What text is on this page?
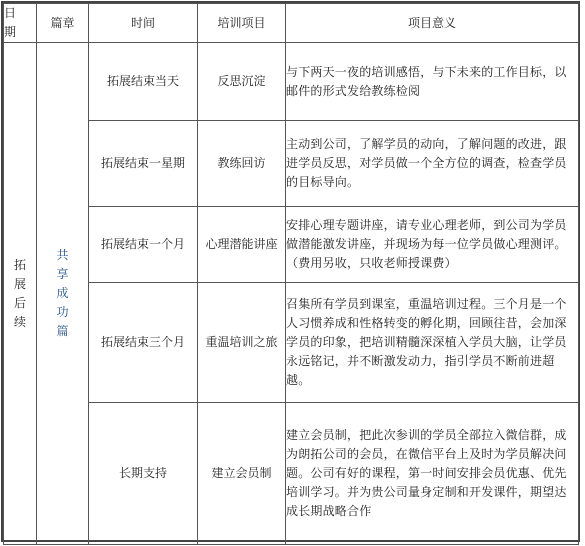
日期	篇章	时间	培训项目	项目意义
拓展后续	共享成功篇	拓展结束当天	反思沉淀	与下两天一夜的培训感悟，与下未来的工作目标，以邮件的形式发给教练检阅
		拓展结束一星期	教练回访	主动到公司，了解学员的动向，了解问题的改进，跟进学员反思，对学员做一个全方位的调查，检查学员的目标导向。
		拓展结束一个月	心理潜能讲座	安排心理专题讲座，请专业心理老师，到公司为学员做潜能激发讲座，并现场为每一位学员做心理测评。（费用另收，只收老师授课费）
		拓展结束三个月	重温培训之旅	召集所有学员到课室，重温培训过程。三个月是一个人习惯养成和性格转变的孵化期，回顾往昔，会加深学员的印象，把培训精髓深深植入学员大脑，让学员永远铭记，并不断激发动力，指引学员不断前进超越。
		长期支持	建立会员制	建立会员制，把此次参训的学员全部拉入微信群，成为朗拓公司的会员，在微信平台上及时为学员解决问题。公司有好的课程，第一时间安排会员优惠、优先培训学习。并为贵公司量身定制和开发课件，期望达成长期战略合作
